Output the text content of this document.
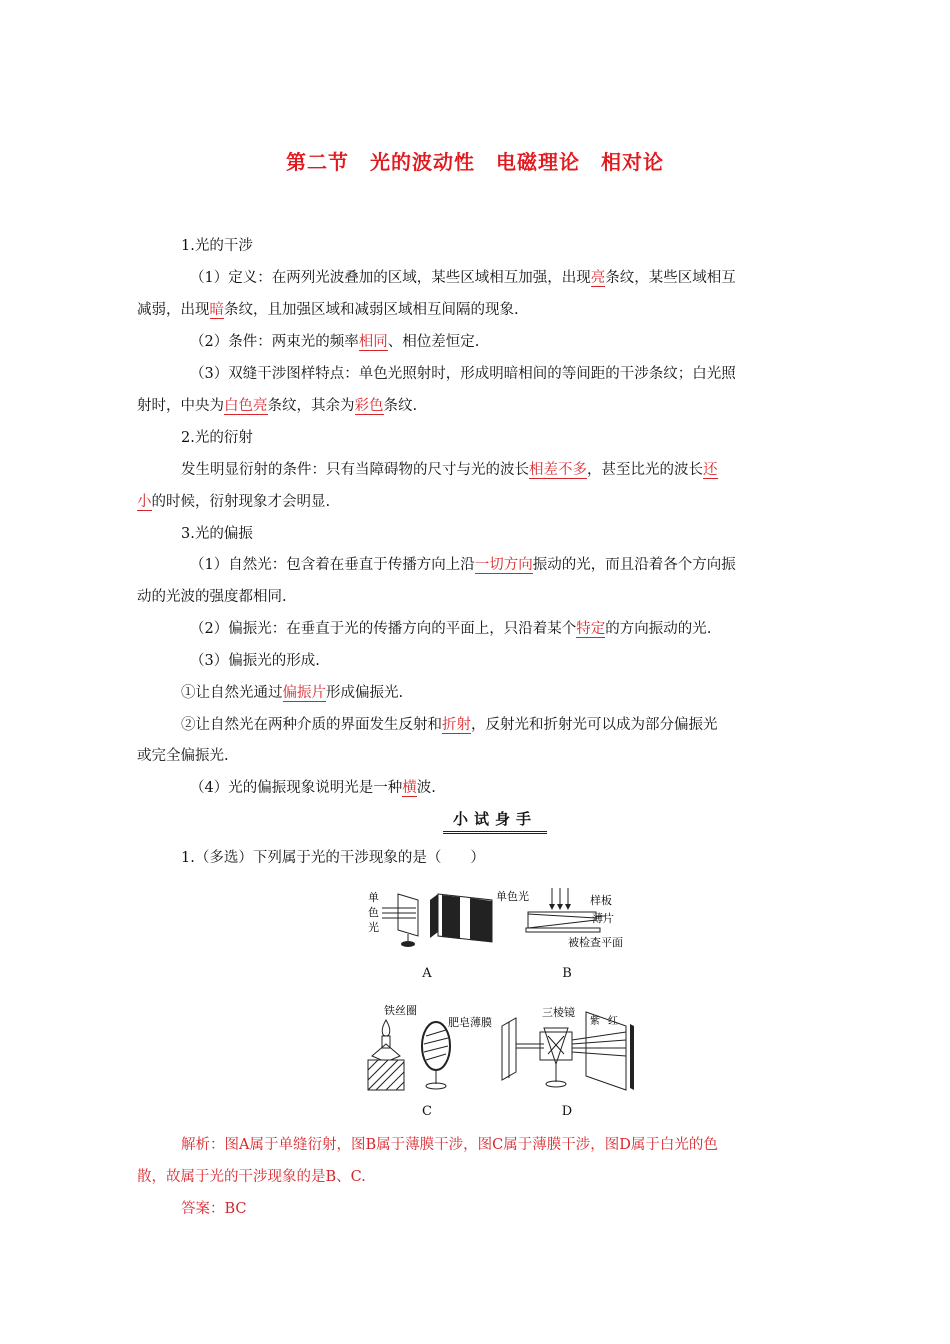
第二节　光的波动性　电磁理论　相对论
1.光的干涉
（1）定义：在两列光波叠加的区域，某些区域相互加强，出现亮条纹，某些区域相互
减弱，出现暗条纹，且加强区域和减弱区域相互间隔的现象.
（2）条件：两束光的频率相同、相位差恒定.
（3）双缝干涉图样特点：单色光照射时，形成明暗相间的等间距的干涉条纹；白光照
射时，中央为白色亮条纹，其余为彩色条纹.
2.光的衍射
发生明显衍射的条件：只有当障碍物的尺寸与光的波长相差不多，甚至比光的波长还
小的时候，衍射现象才会明显.
3.光的偏振
（1）自然光：包含着在垂直于传播方向上沿一切方向振动的光，而且沿着各个方向振
动的光波的强度都相同.
（2）偏振光：在垂直于光的传播方向的平面上，只沿着某个特定的方向振动的光.
（3）偏振光的形成.
①让自然光通过偏振片形成偏振光.
②让自然光在两种介质的界面发生反射和折射，反射光和折射光可以成为部分偏振光
或完全偏振光.
（4）光的偏振现象说明光是一种横波.
小试身手
1.（多选）下列属于光的干涉现象的是（　　）
单
色
光
A
单色光	样板
薄片
被检查平面
B
铁丝圈
肥皂薄膜
C
三棱镜
紫 红
D
解析：图A属于单缝衍射，图B属于薄膜干涉，图C属于薄膜干涉，图D属于白光的色
散，故属于光的干涉现象的是B、C.
答案：BC
